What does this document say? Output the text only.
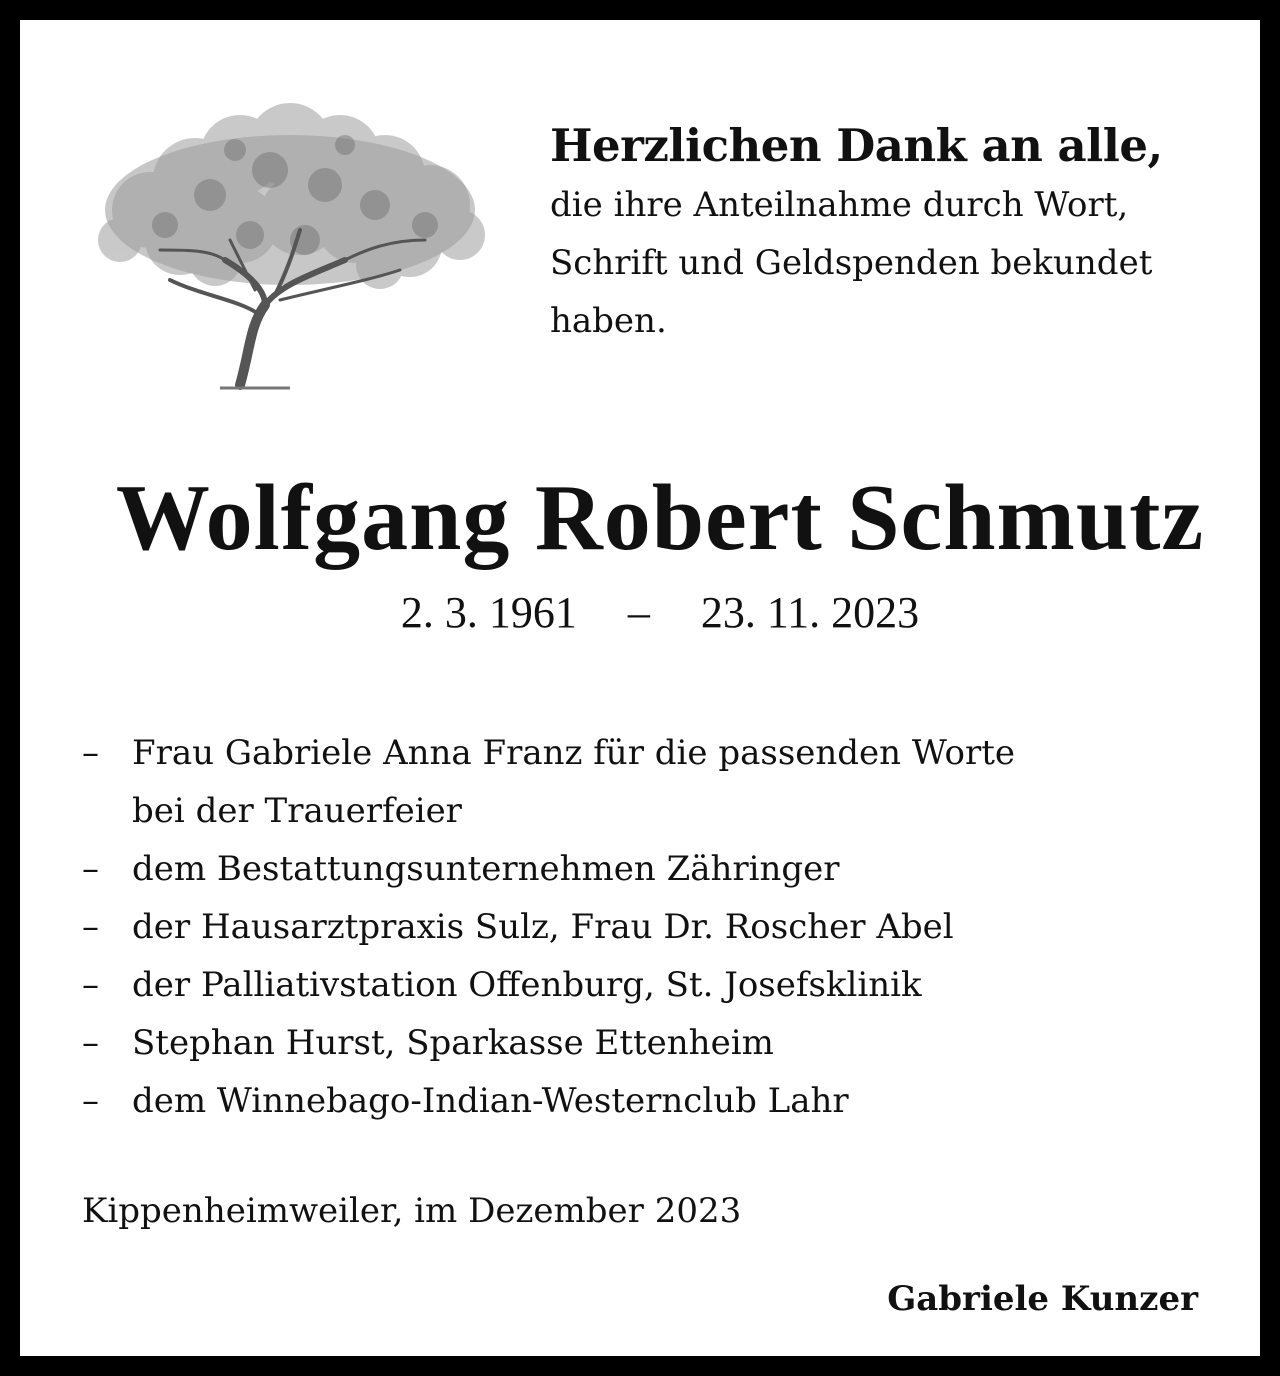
Herzlichen Dank an alle,

die ihre Anteilnahme durch Wort,

Schrift und Geldspenden bekundet

haben.

Wolfgang Robert Schmutz
2. 3. 1961 – 23. 11. 2023
– Frau Gabriele Anna Franz für die passenden Worte
bei der Trauerfeier
– dem Bestattungsunternehmen Zähringer
– der Hausarztpraxis Sulz, Frau Dr. Roscher Abel
– der Palliativstation Offenburg, St. Josefsklinik
– Stephan Hurst, Sparkasse Ettenheim
– dem Winnebago-Indian-Westernclub Lahr
Kippenheimweiler, im Dezember 2023
Gabriele Kunzer
